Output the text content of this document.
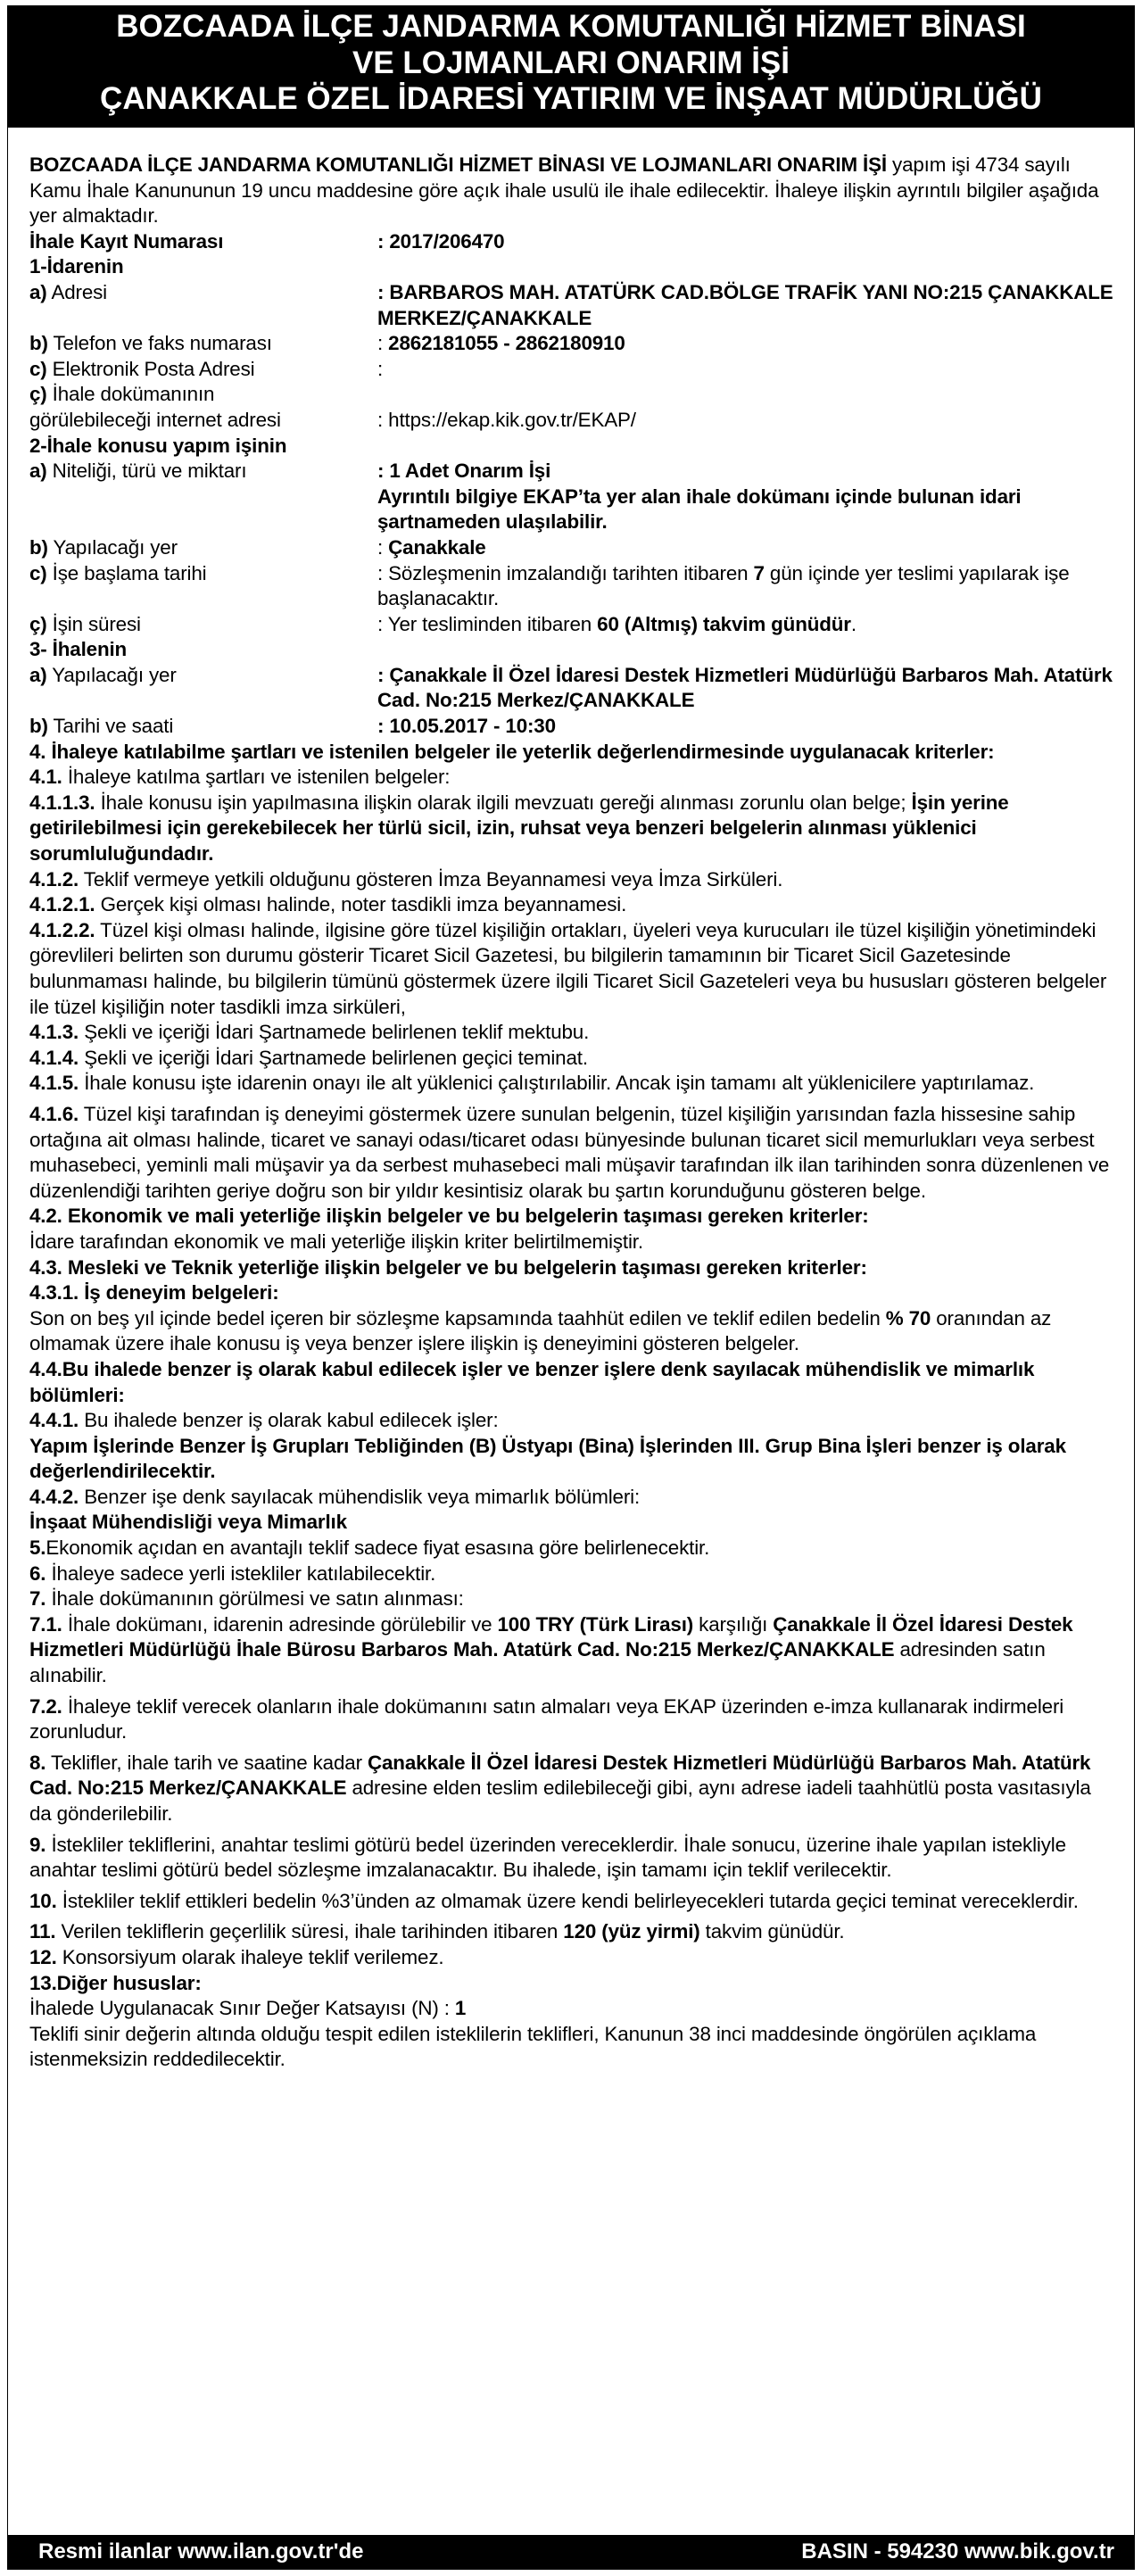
BOZCAADA İLÇE JANDARMA KOMUTANLIĞI HİZMET BİNASI
VE LOJMANLARI ONARIM İŞİ
ÇANAKKALE ÖZEL İDARESİ YATIRIM VE İNŞAAT MÜDÜRLÜĞÜ

BOZCAADA İLÇE JANDARMA KOMUTANLIĞI HİZMET BİNASI VE LOJMANLARI ONARIM İŞİ yapım işi 4734 sayılı Kamu İhale Kanununun 19 uncu maddesine göre açık ihale usulü ile ihale edilecektir. İhaleye ilişkin ayrıntılı bilgiler aşağıda yer almaktadır.

İhale Kayıt Numarası	: 2017/206470
1-İdarenin
a) Adresi	: BARBAROS MAH. ATATÜRK CAD.BÖLGE TRAFİK YANI NO:215 ÇANAKKALE MERKEZ/ÇANAKKALE
b) Telefon ve faks numarası	: 2862181055 - 2862180910
c) Elektronik Posta Adresi	:
ç) İhale dokümanının
görülebileceği internet adresi	: https://ekap.kik.gov.tr/EKAP/
2-İhale konusu yapım işinin
a) Niteliği, türü ve miktarı	: 1 Adet Onarım İşi
Ayrıntılı bilgiye EKAP’ta yer alan ihale dokümanı içinde bulunan idari şartnameden ulaşılabilir.
b) Yapılacağı yer	: Çanakkale
c) İşe başlama tarihi	: Sözleşmenin imzalandığı tarihten itibaren 7 gün içinde yer teslimi yapılarak işe başlanacaktır.
ç) İşin süresi	: Yer tesliminden itibaren 60 (Altmış) takvim günüdür.
3- İhalenin
a) Yapılacağı yer	: Çanakkale İl Özel İdaresi Destek Hizmetleri Müdürlüğü Barbaros Mah. Atatürk Cad. No:215 Merkez/ÇANAKKALE
b) Tarihi ve saati	: 10.05.2017 - 10:30

4. İhaleye katılabilme şartları ve istenilen belgeler ile yeterlik değerlendirmesinde uygulanacak kriterler:

4.1. İhaleye katılma şartları ve istenilen belgeler:

4.1.1.3. İhale konusu işin yapılmasına ilişkin olarak ilgili mevzuatı gereği alınması zorunlu olan belge; İşin yerine getirilebilmesi için gerekebilecek her türlü sicil, izin, ruhsat veya benzeri belgelerin alınması yüklenici sorumluluğundadır.

4.1.2. Teklif vermeye yetkili olduğunu gösteren İmza Beyannamesi veya İmza Sirküleri.

4.1.2.1. Gerçek kişi olması halinde, noter tasdikli imza beyannamesi.

4.1.2.2. Tüzel kişi olması halinde, ilgisine göre tüzel kişiliğin ortakları, üyeleri veya kurucuları ile tüzel kişiliğin yönetimindeki görevlileri belirten son durumu gösterir Ticaret Sicil Gazetesi, bu bilgilerin tamamının bir Ticaret Sicil Gazetesinde bulunmaması halinde, bu bilgilerin tümünü göstermek üzere ilgili Ticaret Sicil Gazeteleri veya bu hususları gösteren belgeler ile tüzel kişiliğin noter tasdikli imza sirküleri,

4.1.3. Şekli ve içeriği İdari Şartnamede belirlenen teklif mektubu.

4.1.4. Şekli ve içeriği İdari Şartnamede belirlenen geçici teminat.

4.1.5. İhale konusu işte idarenin onayı ile alt yüklenici çalıştırılabilir. Ancak işin tamamı alt yüklenicilere yaptırılamaz.

4.1.6. Tüzel kişi tarafından iş deneyimi göstermek üzere sunulan belgenin, tüzel kişiliğin yarısından fazla hissesine sahip ortağına ait olması halinde, ticaret ve sanayi odası/ticaret odası bünyesinde bulunan ticaret sicil memurlukları veya serbest muhasebeci, yeminli mali müşavir ya da serbest muhasebeci mali müşavir tarafından ilk ilan tarihinden sonra düzenlenen ve düzenlendiği tarihten geriye doğru son bir yıldır kesintisiz olarak bu şartın korunduğunu gösteren belge.

4.2. Ekonomik ve mali yeterliğe ilişkin belgeler ve bu belgelerin taşıması gereken kriterler:
İdare tarafından ekonomik ve mali yeterliğe ilişkin kriter belirtilmemiştir.

4.3. Mesleki ve Teknik yeterliğe ilişkin belgeler ve bu belgelerin taşıması gereken kriterler:

4.3.1. İş deneyim belgeleri:
Son on beş yıl içinde bedel içeren bir sözleşme kapsamında taahhüt edilen ve teklif edilen bedelin % 70 oranından az olmamak üzere ihale konusu iş veya benzer işlere ilişkin iş deneyimini gösteren belgeler.

4.4.Bu ihalede benzer iş olarak kabul edilecek işler ve benzer işlere denk sayılacak mühendislik ve mimarlık bölümleri:

4.4.1. Bu ihalede benzer iş olarak kabul edilecek işler:
Yapım İşlerinde Benzer İş Grupları Tebliğinden (B) Üstyapı (Bina) İşlerinden III. Grup Bina İşleri benzer iş olarak değerlendirilecektir.

4.4.2. Benzer işe denk sayılacak mühendislik veya mimarlık bölümleri:
İnşaat Mühendisliği veya Mimarlık

5.Ekonomik açıdan en avantajlı teklif sadece fiyat esasına göre belirlenecektir.

6. İhaleye sadece yerli istekliler katılabilecektir.

7. İhale dokümanının görülmesi ve satın alınması:

7.1. İhale dokümanı, idarenin adresinde görülebilir ve 100 TRY (Türk Lirası) karşılığı Çanakkale İl Özel İdaresi Destek Hizmetleri Müdürlüğü İhale Bürosu Barbaros Mah. Atatürk Cad. No:215 Merkez/ÇANAKKALE adresinden satın alınabilir.

7.2. İhaleye teklif verecek olanların ihale dokümanını satın almaları veya EKAP üzerinden e-imza kullanarak indirmeleri zorunludur.

8. Teklifler, ihale tarih ve saatine kadar Çanakkale İl Özel İdaresi Destek Hizmetleri Müdürlüğü Barbaros Mah. Atatürk Cad. No:215 Merkez/ÇANAKKALE adresine elden teslim edilebileceği gibi, aynı adrese iadeli taahhütlü posta vasıtasıyla da gönderilebilir.

9. İstekliler tekliflerini, anahtar teslimi götürü bedel üzerinden vereceklerdir. İhale sonucu, üzerine ihale yapılan istekliyle anahtar teslimi götürü bedel sözleşme imzalanacaktır. Bu ihalede, işin tamamı için teklif verilecektir.

10. İstekliler teklif ettikleri bedelin %3’ünden az olmamak üzere kendi belirleyecekleri tutarda geçici teminat vereceklerdir.

11. Verilen tekliflerin geçerlilik süresi, ihale tarihinden itibaren 120 (yüz yirmi) takvim günüdür.

12. Konsorsiyum olarak ihaleye teklif verilemez.

13.Diğer hususlar:

İhalede Uygulanacak Sınır Değer Katsayısı (N) : 1

Teklifi sinir değerin altında olduğu tespit edilen isteklilerin teklifleri, Kanunun 38 inci maddesinde öngörülen açıklama istenmeksizin reddedilecektir.

Resmi ilanlar www.ilan.gov.tr'de	BASIN - 594230 www.bik.gov.tr
